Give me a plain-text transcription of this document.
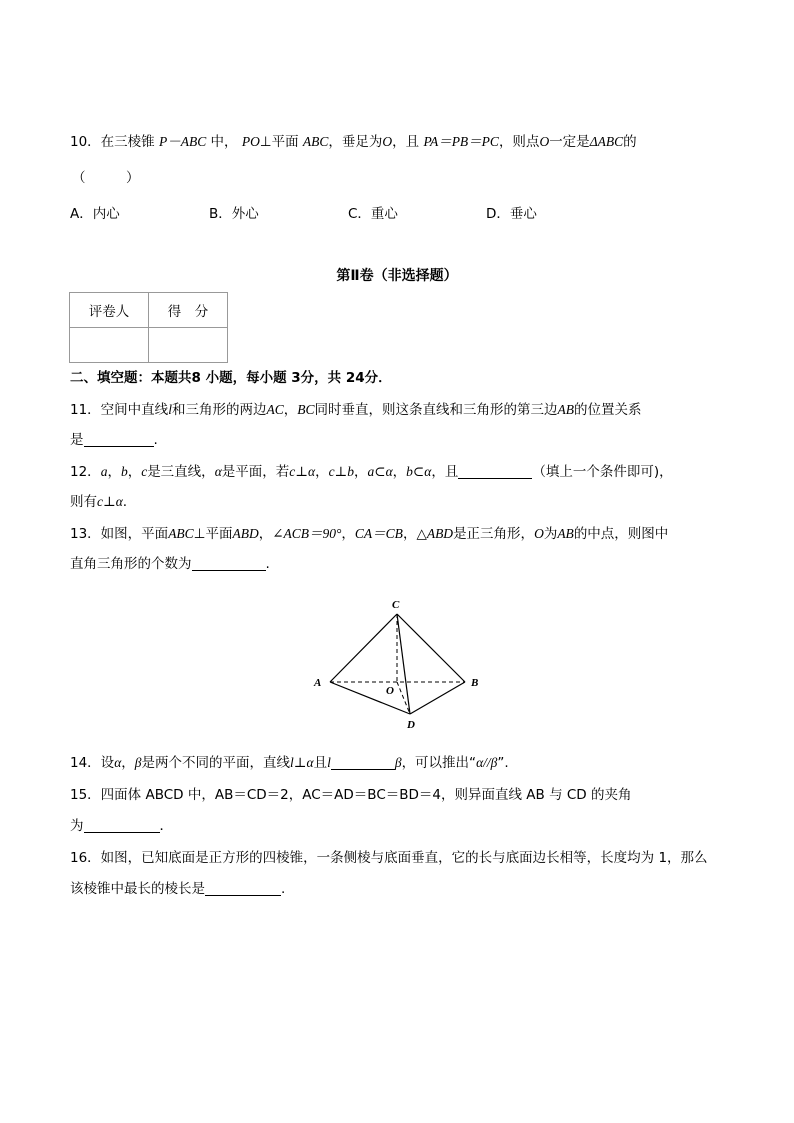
10．在三棱锥 P－ABC 中， PO⊥平面 ABC，垂足为O，且 PA＝PB＝PC，则点O一定是ΔABC的
（　　　）
A．内心	B．外心	C．重心	D．垂心
第Ⅱ卷（非选择题）
评卷人	得　分

二、填空题：本题共8 小题，每小题 3分，共 24分．
11．空间中直线l和三角形的两边AC，BC同时垂直，则这条直线和三角形的第三边AB的位置关系
是	.
12．a，b，c是三直线，α是平面，若c⊥α，c⊥b，a⊂α，b⊂α，且	（填上一个条件即可)，
则有c⊥α.
13．如图，平面ABC⊥平面ABD，∠ACB＝90°，CA＝CB，△ABD是正三角形，O为AB的中点，则图中
直角三角形的个数为	.
C
A	B
O
D
14．设α，β是两个不同的平面，直线l⊥α且l	β，可以推出“α//β”.
15．四面体 ABCD 中，AB＝CD＝2，AC＝AD＝BC＝BD＝4，则异面直线 AB 与 CD 的夹角
为	．
16．如图，已知底面是正方形的四棱锥，一条侧棱与底面垂直，它的长与底面边长相等，长度均为 1，那么
该棱锥中最长的棱长是	.
